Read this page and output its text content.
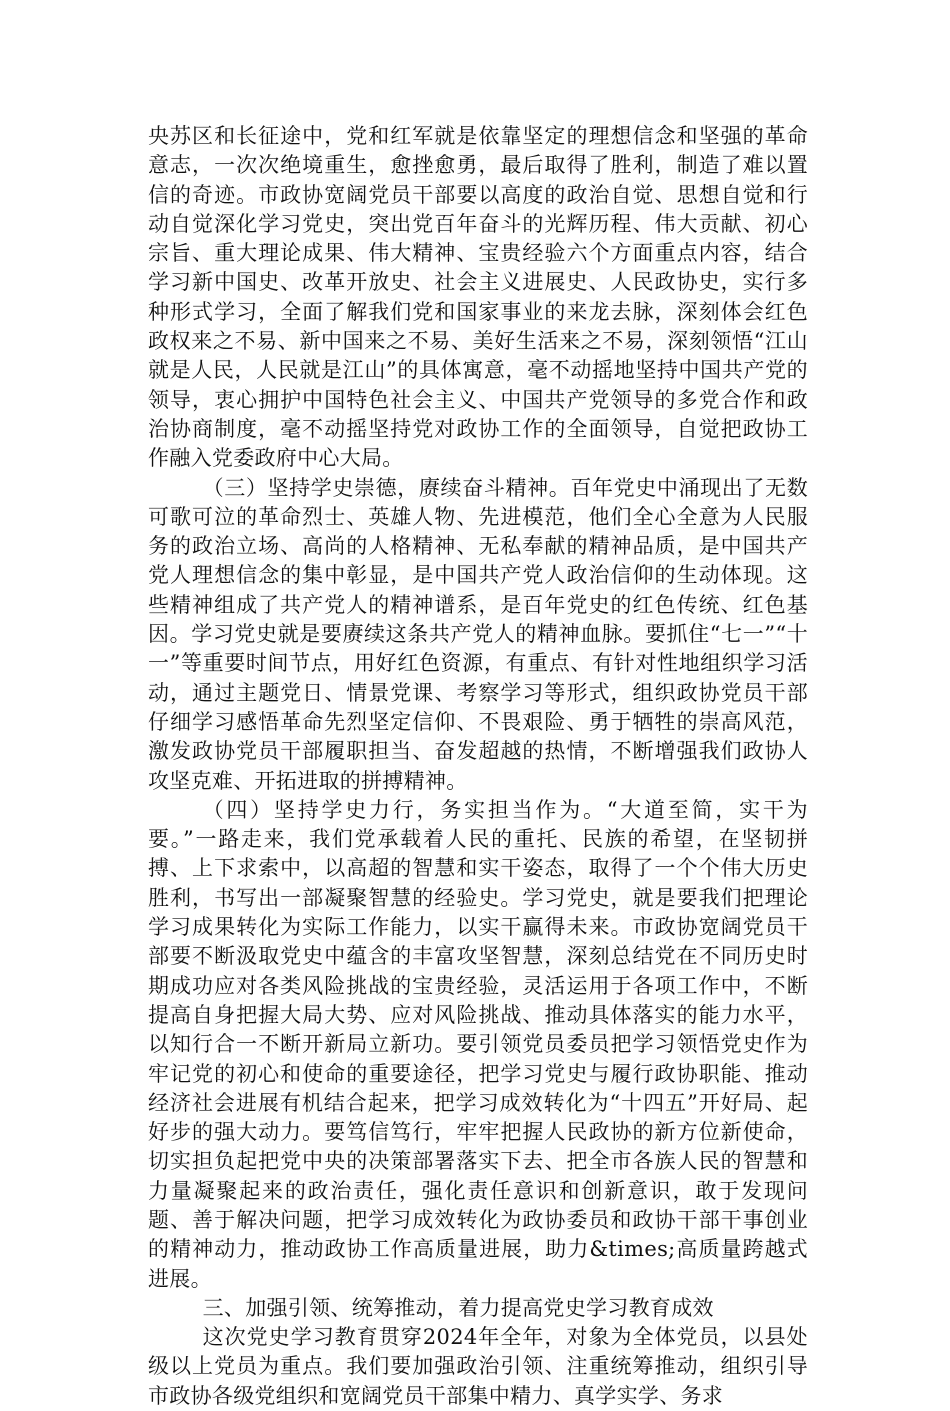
央苏区和长征途中，党和红军就是依靠坚定的理想信念和坚强的革命意志，一次次绝境重生，愈挫愈勇，最后取得了胜利，制造了难以置信的奇迹。市政协宽阔党员干部要以高度的政治自觉、思想自觉和行动自觉深化学习党史，突出党百年奋斗的光辉历程、伟大贡献、初心宗旨、重大理论成果、伟大精神、宝贵经验六个方面重点内容，结合学习新中国史、改革开放史、社会主义进展史、人民政协史，实行多种形式学习，全面了解我们党和国家事业的来龙去脉，深刻体会红色政权来之不易、新中国来之不易、美好生活来之不易，深刻领悟“江山就是人民，人民就是江山”的具体寓意，毫不动摇地坚持中国共产党的领导，衷心拥护中国特色社会主义、中国共产党领导的多党合作和政治协商制度，毫不动摇坚持党对政协工作的全面领导，自觉把政协工作融入党委政府中心大局。

（三）坚持学史崇德，赓续奋斗精神。百年党史中涌现出了无数可歌可泣的革命烈士、英雄人物、先进模范，他们全心全意为人民服务的政治立场、高尚的人格精神、无私奉献的精神品质，是中国共产党人理想信念的集中彰显，是中国共产党人政治信仰的生动体现。这些精神组成了共产党人的精神谱系，是百年党史的红色传统、红色基因。学习党史就是要赓续这条共产党人的精神血脉。要抓住“七一”“十一”等重要时间节点，用好红色资源，有重点、有针对性地组织学习活动，通过主题党日、情景党课、考察学习等形式，组织政协党员干部仔细学习感悟革命先烈坚定信仰、不畏艰险、勇于牺牲的崇高风范，激发政协党员干部履职担当、奋发超越的热情，不断增强我们政协人攻坚克难、开拓进取的拼搏精神。

（四）坚持学史力行，务实担当作为。“大道至简，实干为要。”一路走来，我们党承载着人民的重托、民族的希望，在坚韧拼搏、上下求索中，以高超的智慧和实干姿态，取得了一个个伟大历史胜利，书写出一部凝聚智慧的经验史。学习党史，就是要我们把理论学习成果转化为实际工作能力，以实干赢得未来。市政协宽阔党员干部要不断汲取党史中蕴含的丰富攻坚智慧，深刻总结党在不同历史时期成功应对各类风险挑战的宝贵经验，灵活运用于各项工作中，不断提高自身把握大局大势、应对风险挑战、推动具体落实的能力水平，以知行合一不断开新局立新功。要引领党员委员把学习领悟党史作为牢记党的初心和使命的重要途径，把学习党史与履行政协职能、推动经济社会进展有机结合起来，把学习成效转化为“十四五”开好局、起好步的强大动力。要笃信笃行，牢牢把握人民政协的新方位新使命，切实担负起把党中央的决策部署落实下去、把全市各族人民的智慧和力量凝聚起来的政治责任，强化责任意识和创新意识，敢于发现问题、善于解决问题，把学习成效转化为政协委员和政协干部干事创业的精神动力，推动政协工作高质量进展，助力&times;高质量跨越式进展。

三、加强引领、统筹推动，着力提高党史学习教育成效

这次党史学习教育贯穿2024年全年，对象为全体党员，以县处级以上党员为重点。我们要加强政治引领、注重统筹推动，组织引导市政协各级党组织和宽阔党员干部集中精力、真学实学、务求
